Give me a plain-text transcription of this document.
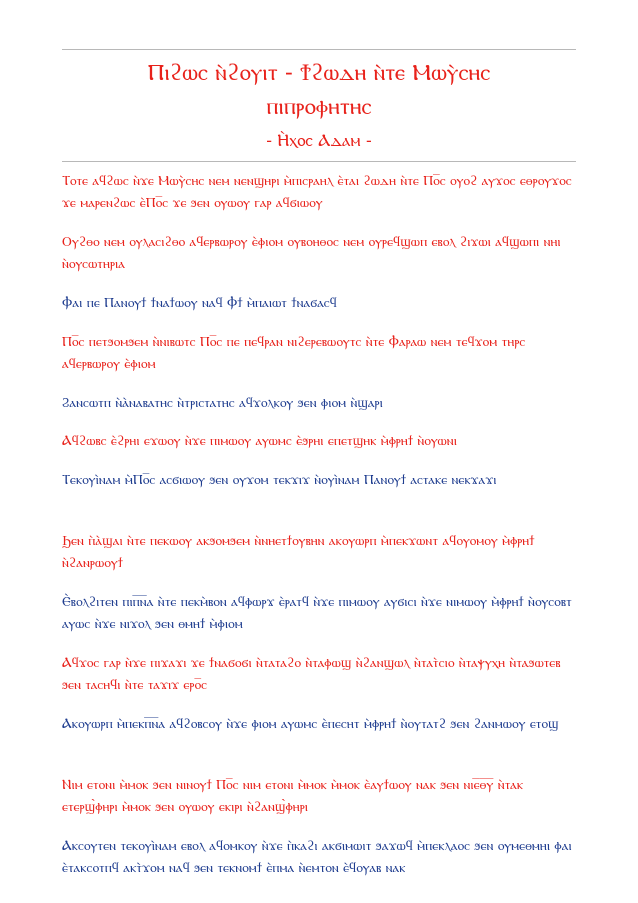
Ⲡⲓϩⲱⲥ ⲛ̀ϩⲟⲩⲓⲧ - Ϯϩⲱⲇⲏ ⲛ̀ⲧⲉ Ⲙⲱⲩ̀ⲥⲏⲥ
ⲡⲓⲡⲣⲟⲫⲏⲧⲏⲥ
- Ⲏ̀ⲭⲟⲥ Ⲁⲇⲁⲙ -

Ⲧⲟⲧⲉ ⲁϥϩⲱⲥ ⲛ̀ϫⲉ Ⲙⲱⲩ̀ⲥⲏⲥ ⲛⲉⲙ ⲛⲉⲛϣⲏⲣⲓ ⲙ̀ⲡⲓⲥⲣⲁⲏⲗ ⲉ̀ⲧⲁⲓ ϩⲱⲇⲏ ⲛ̀ⲧⲉ Ⲡⲟ̅ⲥ ⲟⲩⲟϩ ⲁⲩϫⲟⲥ ⲉⲑⲣⲟⲩϫⲟⲥ ϫⲉ ⲙⲁⲣⲉⲛϩⲱⲥ ⲉ̀Ⲡⲟ̅ⲥ ϫⲉ ϧⲉⲛ ⲟⲩⲱⲟⲩ ⲅⲁⲣ ⲁϥϭⲓⲱⲟⲩ

Ⲟⲩϩⲑⲟ ⲛⲉⲙ ⲟⲩⲗⲁⲥⲓϩⲑⲟ ⲁϥⲉⲣⲃⲱⲣⲟⲩ ⲉ̀ⲫⲓⲟⲙ ⲟⲩⲃⲟⲏⲑⲟⲥ ⲛⲉⲙ ⲟⲩⲣⲉϥϣⲱⲡ ⲉⲃⲟⲗ ϩⲓϫⲱⲓ ⲁϥϣⲱⲡⲓ ⲛⲏⲓ ⲛ̀ⲟⲩⲥⲱⲧⲏⲣⲓⲁ

Ⲫⲁⲓ ⲡⲉ Ⲡⲁⲛⲟⲩϯ ϯⲛⲁϯⲱⲟⲩ ⲛⲁϥ Ⲫϯ ⲙ̀ⲡⲁⲓⲱⲧ ϯⲛⲁϭⲁⲥϥ

Ⲡⲟ̅ⲥ ⲡⲉⲧϧⲟⲙϧⲉⲙ ⲛ̀ⲛⲓⲃⲱⲧⲥ Ⲡⲟ̅ⲥ ⲡⲉ ⲡⲉϥⲣⲁⲛ ⲛⲓϩⲉⲣⲉⲃⲱⲟⲩⲧⲥ ⲛ̀ⲧⲉ Ⲫⲁⲣⲁⲱ ⲛⲉⲙ ⲧⲉϥϫⲟⲙ ⲧⲏⲣⲥ ⲁϥⲉⲣⲃⲱⲣⲟⲩ ⲉ̀ⲫⲓⲟⲙ

Ϩⲁⲛⲥⲱⲧⲡ ⲛ̀ⲁ̀ⲛⲁⲃⲁⲧⲏⲥ ⲛ̀ⲧⲣⲓⲥⲧⲁⲧⲏⲥ ⲁϥϫⲟⲗⲕⲟⲩ ϧⲉⲛ ⲫⲓⲟⲙ ⲛ̀ϣⲁⲣⲓ

Ⲁϥϩⲱⲃⲥ ⲉ̀ϩⲣⲏⲓ ⲉϫⲱⲟⲩ ⲛ̀ϫⲉ ⲡⲓⲙⲱⲟⲩ ⲁⲩⲱⲙⲥ ⲉ̀ϧⲣⲏⲓ ⲉⲡⲉⲧϣⲏⲕ ⲙ̀ⲫⲣⲏϯ ⲛ̀ⲟⲩⲱⲛⲓ

Ⲧⲉⲕⲟⲩⲓ̀ⲛⲁⲙ ⲙ̀Ⲡⲟ̅ⲥ ⲁⲥϭⲓⲱⲟⲩ ϧⲉⲛ ⲟⲩϫⲟⲙ ⲧⲉⲕϫⲓϫ ⲛ̀ⲟⲩⲓ̀ⲛⲁⲙ Ⲡⲁⲛⲟⲩϯ ⲁⲥⲧⲁⲕⲉ ⲛⲉⲕϫⲁϫⲓ

Ϧⲉⲛ ⲡ̀ⲁ̀ϣⲁⲓ ⲛ̀ⲧⲉ ⲡⲉⲕⲱⲟⲩ ⲁⲕϧⲟⲙϧⲉⲙ ⲛ̀ⲛⲏⲉⲧϯⲟⲩⲃⲏⲛ ⲁⲕⲟⲩⲱⲣⲡ ⲙ̀ⲡⲉⲕϫⲱⲛⲧ ⲁϥⲟⲩⲟⲙⲟⲩ ⲙ̀ⲫⲣⲏϯ ⲛ̀ϩⲁⲛⲣⲱⲟⲩϯ

Ⲉ̀ⲃⲟⲗϩⲓⲧⲉⲛ ⲡⲓⲡ̅ⲛ̅ⲁ ⲛ̀ⲧⲉ ⲡⲉⲕⲙ̀ⲃⲟⲛ ⲁϥⲫⲱⲣϫ ⲉ̀ⲣⲁⲧϥ ⲛ̀ϫⲉ ⲡⲓⲙⲱⲟⲩ ⲁⲩϭⲓⲥⲓ ⲛ̀ϫⲉ ⲛⲓⲙⲱⲟⲩ ⲙ̀ⲫⲣⲏϯ ⲛ̀ⲟⲩⲥⲟⲃⲧ ⲁⲩⲱⲥ ⲛ̀ϫⲉ ⲛⲓϫⲟⲗ ϧⲉⲛ ⲑⲙⲏϯ ⲙ̀ⲫⲓⲟⲙ

Ⲁϥϫⲟⲥ ⲅⲁⲣ ⲛ̀ϫⲉ ⲡⲓϫⲁϫⲓ ϫⲉ ϯⲛⲁϭⲟϭⲓ ⲛ̀ⲧⲁⲧⲁϩⲟ ⲛ̀ⲧⲁⲫⲱϣ ⲛ̀ϩⲁⲛϣⲱⲗ ⲛ̀ⲧⲁⲧ̀ⲥⲓⲟ ⲛ̀ⲧⲁⲯⲩⲭⲏ ⲛ̀ⲧⲁϧⲱⲧⲉⲃ ϧⲉⲛ ⲧⲁⲥⲏϥⲓ ⲛ̀ⲧⲉ ⲧⲁϫⲓϫ ⲉⲣⲟ̅ⲥ

Ⲁⲕⲟⲩⲱⲣⲡ ⲙ̀ⲡⲉⲕⲡ̅ⲛ̅ⲁ ⲁϥϩⲟⲃⲥⲟⲩ ⲛ̀ϫⲉ ⲫⲓⲟⲙ ⲁⲩⲱⲙⲥ ⲉ̀ⲡⲉⲥⲏⲧ ⲙ̀ⲫⲣⲏϯ ⲛ̀ⲟⲩⲧⲁⲧϩ ϧⲉⲛ ϩⲁⲛⲙⲱⲟⲩ ⲉⲧⲟϣ

Ⲛⲓⲙ ⲉⲧⲟⲛⲓ ⲙ̀ⲙⲟⲕ ϧⲉⲛ ⲛⲓⲛⲟⲩϯ Ⲡⲟ̅ⲥ ⲛⲓⲙ ⲉⲧⲟⲛⲓ ⲙ̀ⲙⲟⲕ ⲙ̀ⲙⲟⲕ ⲉ̀ⲁⲩϯⲱⲟⲩ ⲛⲁⲕ ϧⲉⲛ ⲛⲓⲉ̅ⲑ̅ⲩ̅ ⲛ̀ⲧⲁⲕ ⲉⲧⲉⲣϣ̀ⲫⲏⲣⲓ ⲙ̀ⲙⲟⲕ ϧⲉⲛ ⲟⲩⲱⲟⲩ ⲉⲕⲓⲣⲓ ⲛ̀ϩⲁⲛϣ̀ⲫⲏⲣⲓ

Ⲁⲕⲥⲟⲩⲧⲉⲛ ⲧⲉⲕⲟⲩⲓ̀ⲛⲁⲙ ⲉⲃⲟⲗ ⲁϥⲟⲙⲕⲟⲩ ⲛ̀ϫⲉ ⲡ̀ⲕⲁϩⲓ ⲁⲕϭⲓⲙⲱⲓⲧ ϧⲁϫⲱϥ ⲙ̀ⲡⲉⲕⲗⲁⲟⲥ ϧⲉⲛ ⲟⲩⲙⲉⲑⲙⲏⲓ ⲫⲁⲓ ⲉ̀ⲧⲁⲕⲥⲟⲧⲡϥ ⲁⲕⲧ̀ϫⲟⲙ ⲛⲁϥ ϧⲉⲛ ⲧⲉⲕⲛⲟⲙϯ ⲉ̀ⲡⲙⲁ ⲛ̀ⲉⲙⲧⲟⲛ ⲉ̀ϥⲟⲩⲁⲃ ⲛⲁⲕ
